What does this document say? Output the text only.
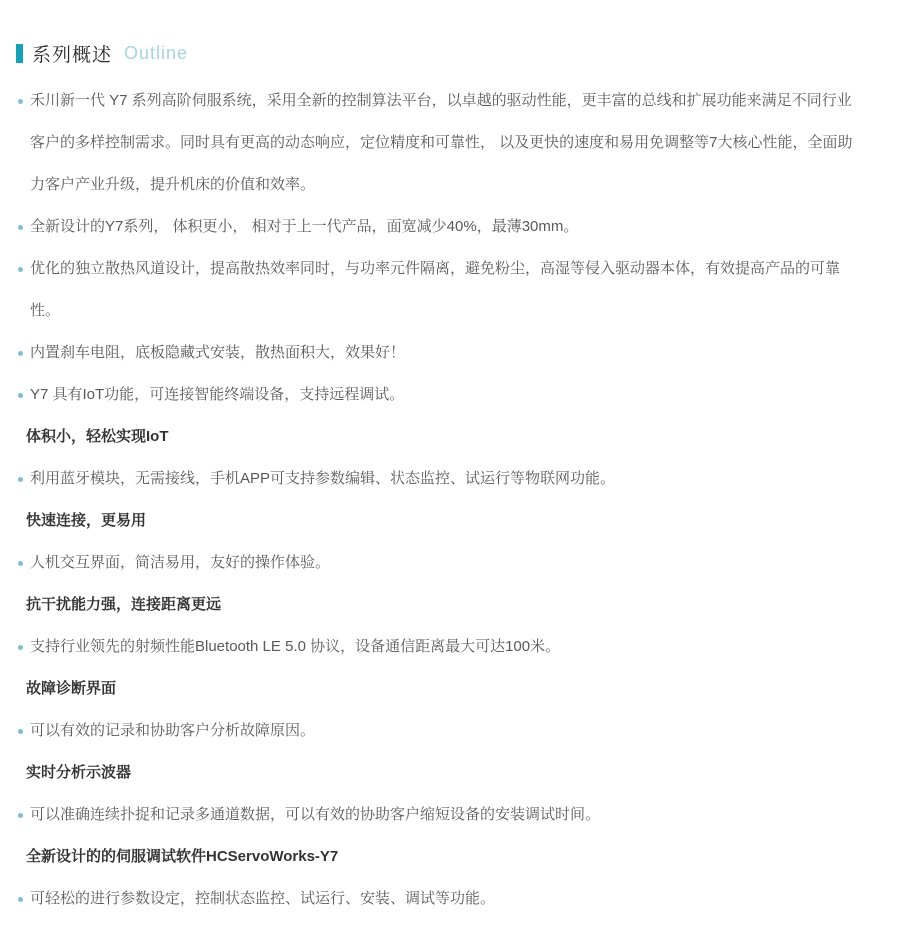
系列概述 Outline
禾川新一代 Y7 系列高阶伺服系统，采用全新的控制算法平台，以卓越的驱动性能，更丰富的总线和扩展功能来满足不同行业客户的多样控制需求。同时具有更高的动态响应，定位精度和可靠性， 以及更快的速度和易用免调整等7大核心性能，全面助力客户产业升级，提升机床的价值和效率。
全新设计的Y7系列， 体积更小， 相对于上一代产品，面宽减少40%，最薄30mm。
优化的独立散热风道设计，提高散热效率同时，与功率元件隔离，避免粉尘，高湿等侵入驱动器本体，有效提高产品的可靠性。
内置刹车电阻，底板隐藏式安装，散热面积大，效果好！
Y7 具有IoT功能，可连接智能终端设备，支持远程调试。
体积小，轻松实现IoT
利用蓝牙模块，无需接线，手机APP可支持参数编辑、状态监控、试运行等物联网功能。
快速连接，更易用
人机交互界面，简洁易用，友好的操作体验。
抗干扰能力强，连接距离更远
支持行业领先的射频性能Bluetooth LE 5.0 协议，设备通信距离最大可达100米。
故障诊断界面
可以有效的记录和协助客户分析故障原因。
实时分析示波器
可以准确连续扑捉和记录多通道数据，可以有效的协助客户缩短设备的安装调试时间。
全新设计的的伺服调试软件HCServoWorks-Y7
可轻松的进行参数设定，控制状态监控、试运行、安装、调试等功能。
